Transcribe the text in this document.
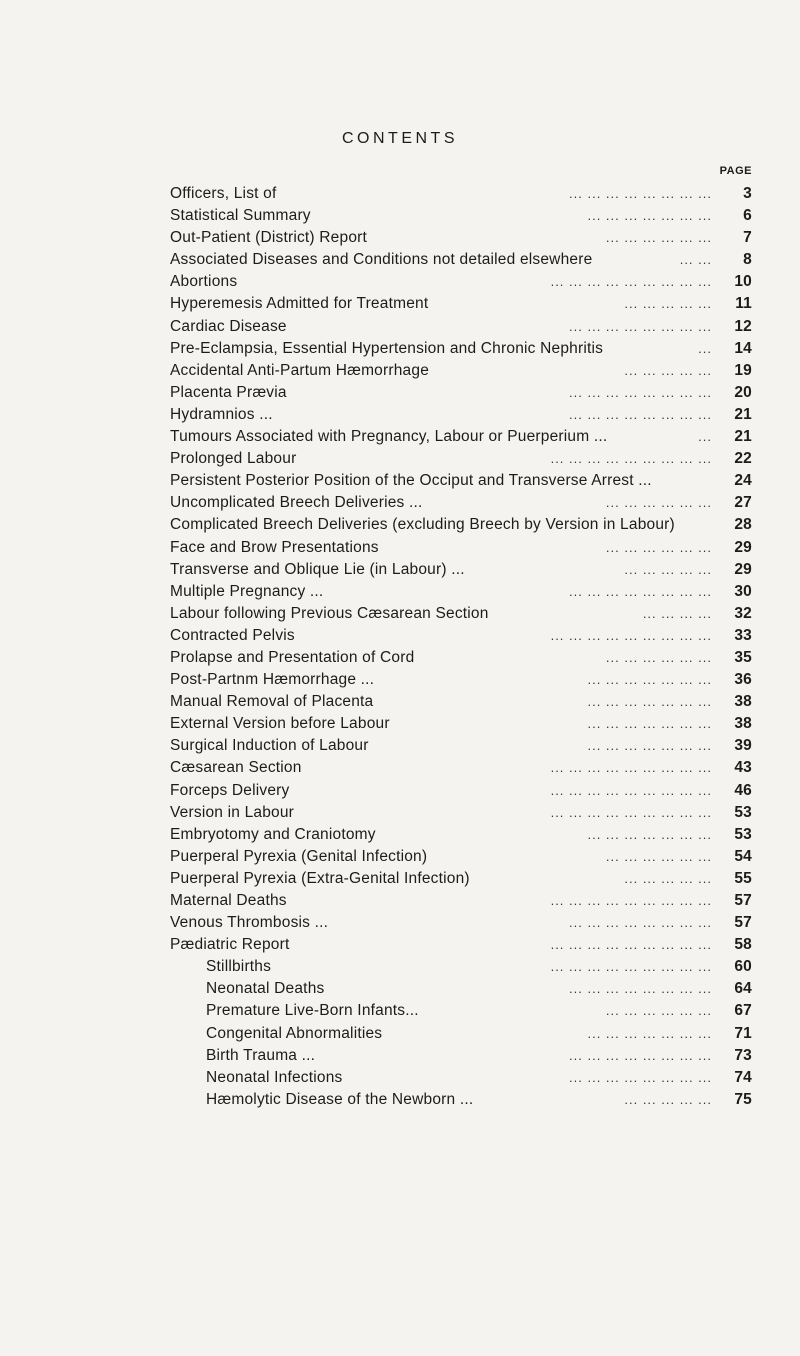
CONTENTS
PAGE
... ... ... ... ... ... ... ...
Officers, List of	3
... ... ... ... ... ... ...
Statistical Summary	6
... ... ... ... ... ...
Out-Patient (District) Report	7
... ...
Associated Diseases and Conditions not detailed elsewhere	8
... ... ... ... ... ... ... ... ...
Abortions	10
... ... ... ... ...
Hyperemesis Admitted for Treatment	11
... ... ... ... ... ... ... ...
Cardiac Disease	12
...
Pre-Eclampsia, Essential Hypertension and Chronic Nephritis	14
... ... ... ... ...
Accidental Anti-Partum Hæmorrhage	19
... ... ... ... ... ... ... ...
Placenta Prævia	20
... ... ... ... ... ... ... ...
Hydramnios ...	21
...
Tumours Associated with Pregnancy, Labour or Puerperium ...	21
... ... ... ... ... ... ... ... ...
Prolonged Labour	22
Persistent Posterior Position of the Occiput and Transverse Arrest ...	24
... ... ... ... ... ...
Uncomplicated Breech Deliveries ...	27
Complicated Breech Deliveries (excluding Breech by Version in Labour)	28
... ... ... ... ... ...
Face and Brow Presentations	29
... ... ... ... ...
Transverse and Oblique Lie (in Labour) ...	29
... ... ... ... ... ... ... ...
Multiple Pregnancy ...	30
... ... ... ...
Labour following Previous Cæsarean Section	32
... ... ... ... ... ... ... ... ...
Contracted Pelvis	33
... ... ... ... ... ...
Prolapse and Presentation of Cord	35
... ... ... ... ... ... ...
Post-Partnm Hæmorrhage ...	36
... ... ... ... ... ... ...
Manual Removal of Placenta	38
... ... ... ... ... ... ...
External Version before Labour	38
... ... ... ... ... ... ...
Surgical Induction of Labour	39
... ... ... ... ... ... ... ... ...
Cæsarean Section	43
... ... ... ... ... ... ... ... ...
Forceps Delivery	46
... ... ... ... ... ... ... ... ...
Version in Labour	53
... ... ... ... ... ... ...
Embryotomy and Craniotomy	53
... ... ... ... ... ...
Puerperal Pyrexia (Genital Infection)	54
... ... ... ... ...
Puerperal Pyrexia (Extra-Genital Infection)	55
... ... ... ... ... ... ... ... ...
Maternal Deaths	57
... ... ... ... ... ... ... ...
Venous Thrombosis ...	57
... ... ... ... ... ... ... ... ...
Pædiatric Report	58
... ... ... ... ... ... ... ... ...
Stillbirths	60
... ... ... ... ... ... ... ...
Neonatal Deaths	64
... ... ... ... ... ...
Premature Live-Born Infants...	67
... ... ... ... ... ... ...
Congenital Abnormalities	71
... ... ... ... ... ... ... ...
Birth Trauma ...	73
... ... ... ... ... ... ... ...
Neonatal Infections	74
... ... ... ... ...
Hæmolytic Disease of the Newborn ...	75
